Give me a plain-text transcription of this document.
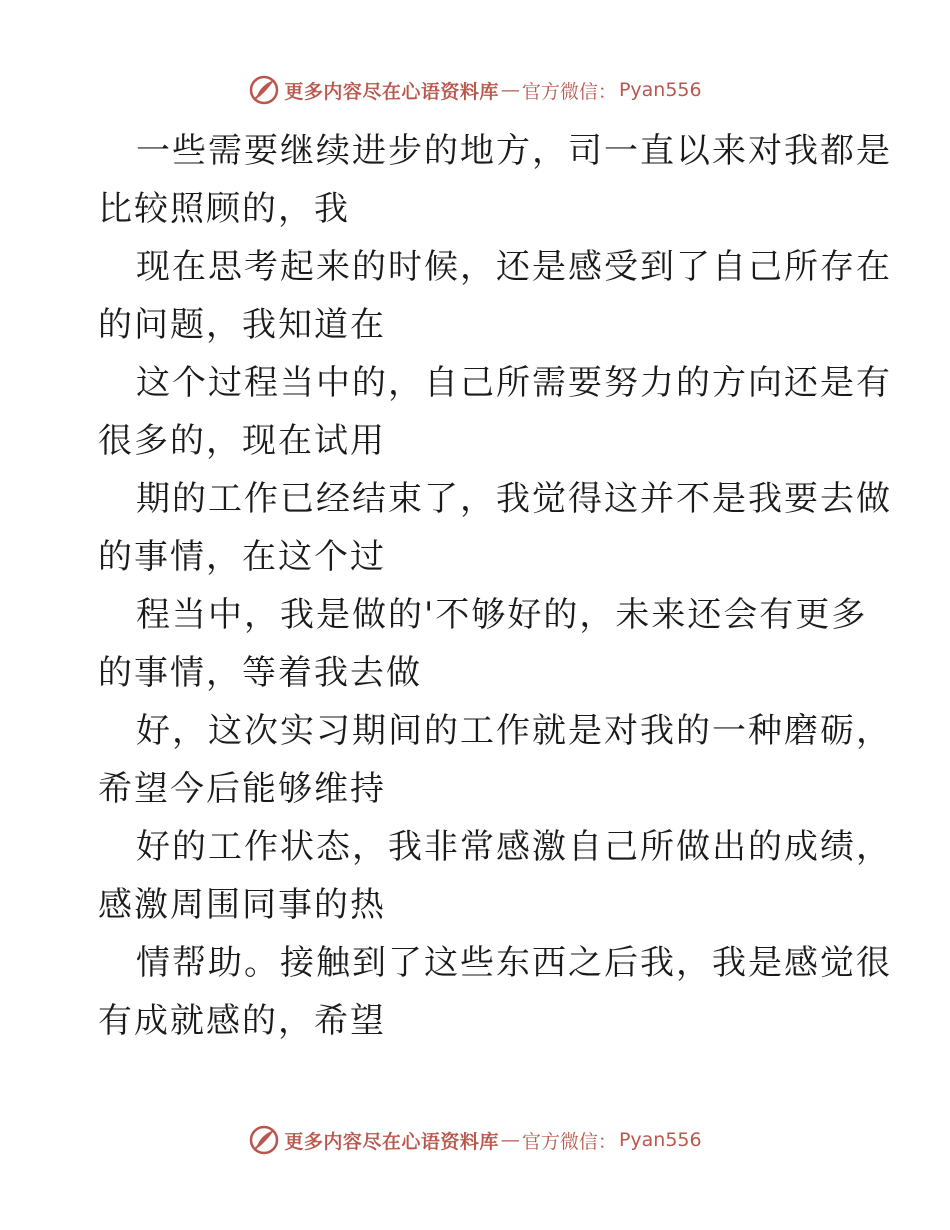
更多内容尽在心语资料库 — 官方微信： Pyan556
一些需要继续进步的地方，司一直以来对我都是
比较照顾的，我
现在思考起来的时候，还是感受到了自己所存在
的问题，我知道在
这个过程当中的，自己所需要努力的方向还是有
很多的，现在试用
期的工作已经结束了，我觉得这并不是我要去做
的事情，在这个过
程当中，我是做的'不够好的，未来还会有更多
的事情，等着我去做
好，这次实习期间的工作就是对我的一种磨砺，
希望今后能够维持
好的工作状态，我非常感激自己所做出的成绩，
感激周围同事的热
情帮助。接触到了这些东西之后我，我是感觉很
有成就感的，希望
更多内容尽在心语资料库 — 官方微信： Pyan556
